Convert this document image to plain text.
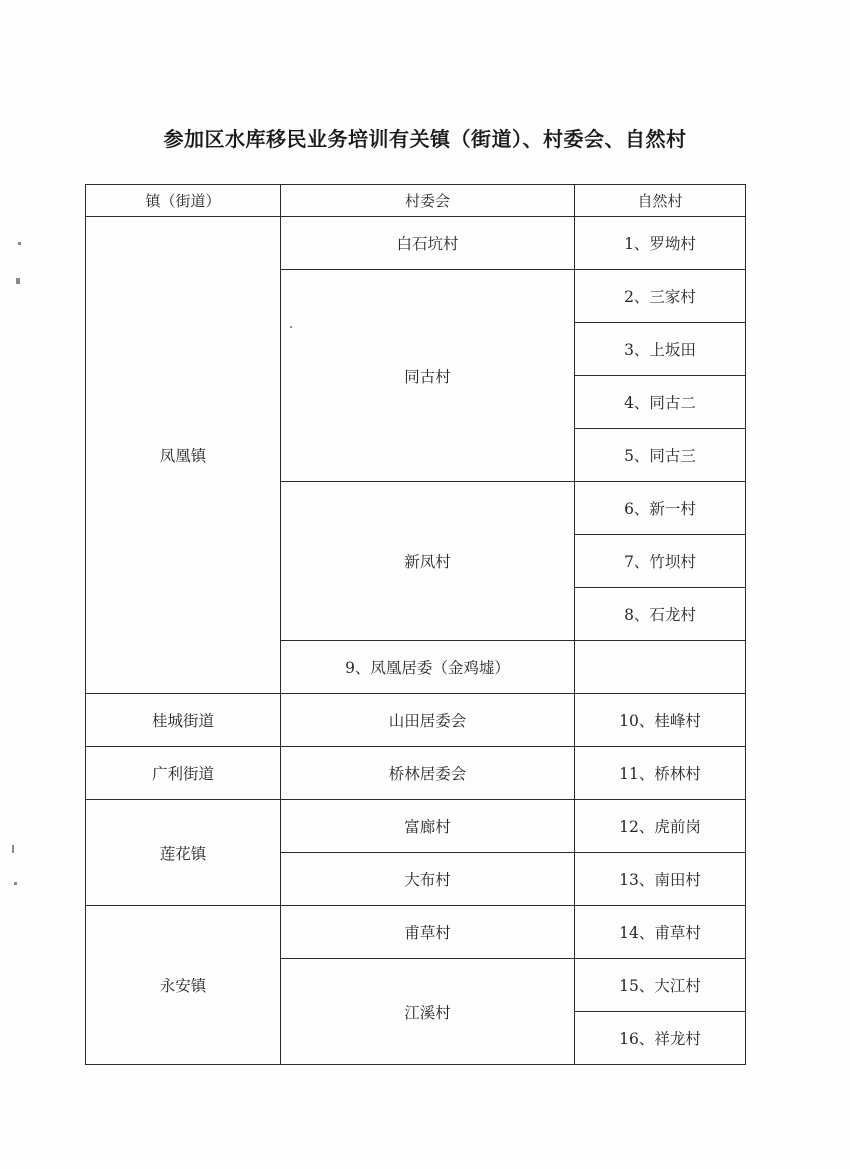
参加区水库移民业务培训有关镇（街道）、村委会、自然村
镇（街道）	村委会	自然村
凤凰镇	白石坑村	1、罗坳村
	同古村	2、三家村
		3、上坂田
		4、同古二
		5、同古三
	新凤村	6、新一村
		7、竹坝村
		8、石龙村
	9、凤凰居委（金鸡墟）	
桂城街道	山田居委会	10、桂峰村
广利街道	桥林居委会	11、桥林村
莲花镇	富廊村	12、虎前岗
	大布村	13、南田村
永安镇	甫草村	14、甫草村
	江溪村	15、大江村
		16、祥龙村
